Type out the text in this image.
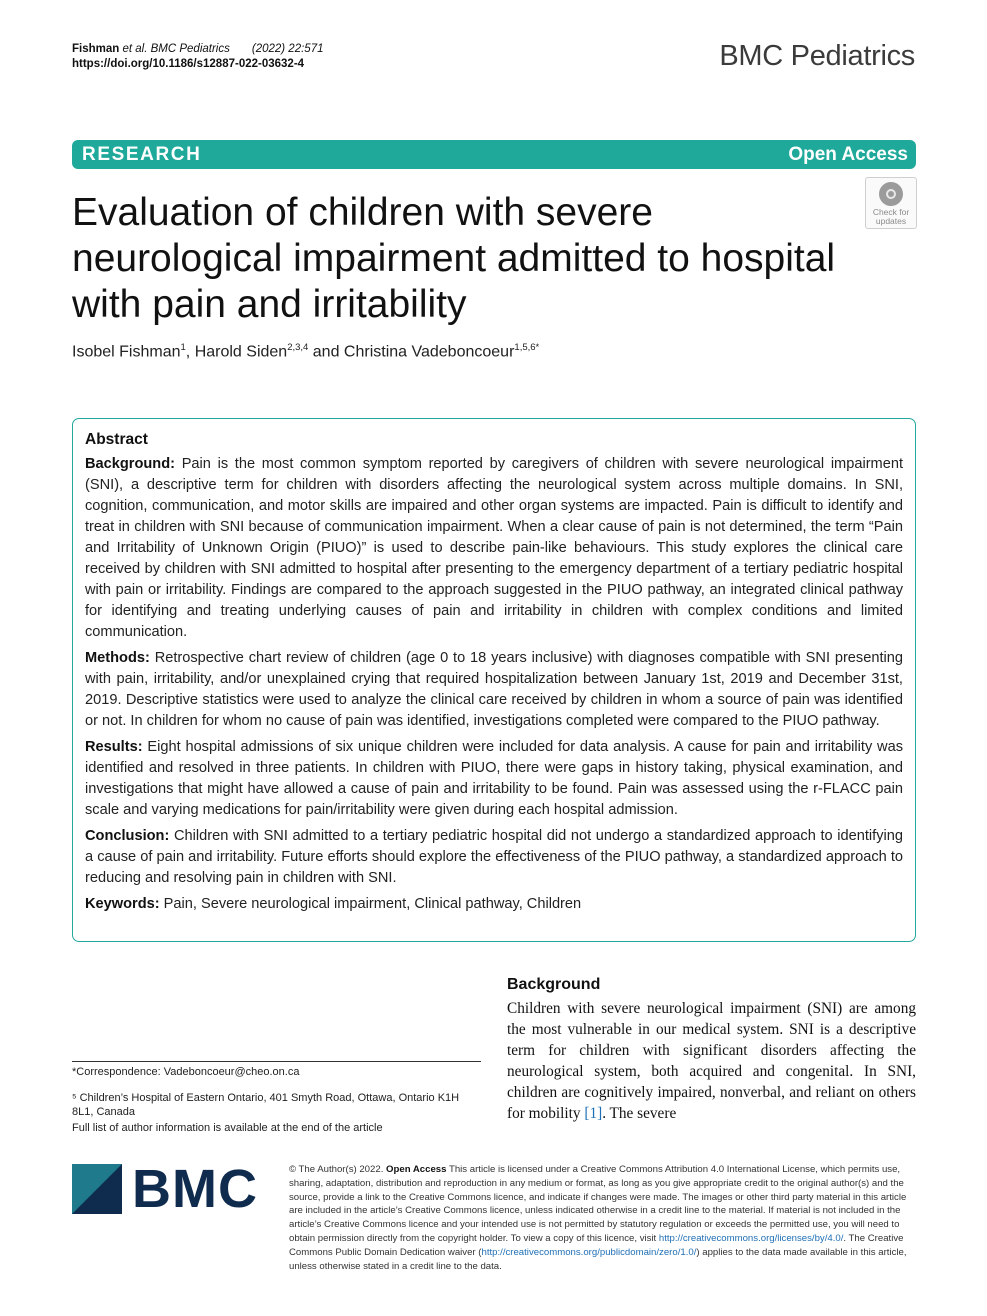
Fishman et al. BMC Pediatrics (2022) 22:571
https://doi.org/10.1186/s12887-022-03632-4	BMC Pediatrics
RESEARCH	Open Access
Evaluation of children with severe neurological impairment admitted to hospital with pain and irritability
Check for
updates
Isobel Fishman$^1$, Harold Siden$^{2,3,4}$ and Christina Vadeboncoeur$^{1,5,6*}$
Abstract

Background: Pain is the most common symptom reported by caregivers of children with severe neurological impairment (SNI), a descriptive term for children with disorders affecting the neurological system across multiple domains. In SNI, cognition, communication, and motor skills are impaired and other organ systems are impacted. Pain is difficult to identify and treat in children with SNI because of communication impairment. When a clear cause of pain is not determined, the term “Pain and Irritability of Unknown Origin (PIUO)” is used to describe pain-like behaviours. This study explores the clinical care received by children with SNI admitted to hospital after presenting to the emergency department of a tertiary pediatric hospital with pain or irritability. Findings are compared to the approach suggested in the PIUO pathway, an integrated clinical pathway for identifying and treating underlying causes of pain and irritability in children with complex conditions and limited communication.

Methods: Retrospective chart review of children (age 0 to 18 years inclusive) with diagnoses compatible with SNI presenting with pain, irritability, and/or unexplained crying that required hospitalization between January 1st, 2019 and December 31st, 2019. Descriptive statistics were used to analyze the clinical care received by children in whom a source of pain was identified or not. In children for whom no cause of pain was identified, investigations completed were compared to the PIUO pathway.

Results: Eight hospital admissions of six unique children were included for data analysis. A cause for pain and irritability was identified and resolved in three patients. In children with PIUO, there were gaps in history taking, physical examination, and investigations that might have allowed a cause of pain and irritability to be found. Pain was assessed using the r-FLACC pain scale and varying medications for pain/irritability were given during each hospital admission.

Conclusion: Children with SNI admitted to a tertiary pediatric hospital did not undergo a standardized approach to identifying a cause of pain and irritability. Future efforts should explore the effectiveness of the PIUO pathway, a standardized approach to reducing and resolving pain in children with SNI.

Keywords: Pain, Severe neurological impairment, Clinical pathway, Children

Background
Children with severe neurological impairment (SNI) are among the most vulnerable in our medical system. SNI is a descriptive term for children with significant disorders affecting the neurological system, both acquired and congenital. In SNI, children are cognitively impaired, nonverbal, and reliant on others for mobility [1]. The severe
*Correspondence: Vadeboncoeur@cheo.on.ca
⁵ Children’s Hospital of Eastern Ontario, 401 Smyth Road, Ottawa, Ontario K1H 8L1, Canada
Full list of author information is available at the end of the article
BMC	© The Author(s) 2022. Open Access This article is licensed under a Creative Commons Attribution 4.0 International License, which permits use, sharing, adaptation, distribution and reproduction in any medium or format, as long as you give appropriate credit to the original author(s) and the source, provide a link to the Creative Commons licence, and indicate if changes were made. The images or other third party material in this article are included in the article’s Creative Commons licence, unless indicated otherwise in a credit line to the material. If material is not included in the article’s Creative Commons licence and your intended use is not permitted by statutory regulation or exceeds the permitted use, you will need to obtain permission directly from the copyright holder. To view a copy of this licence, visit http://creativecommons.org/licenses/by/4.0/. The Creative Commons Public Domain Dedication waiver (http://creativecommons.org/publicdomain/zero/1.0/) applies to the data made available in this article, unless otherwise stated in a credit line to the data.
